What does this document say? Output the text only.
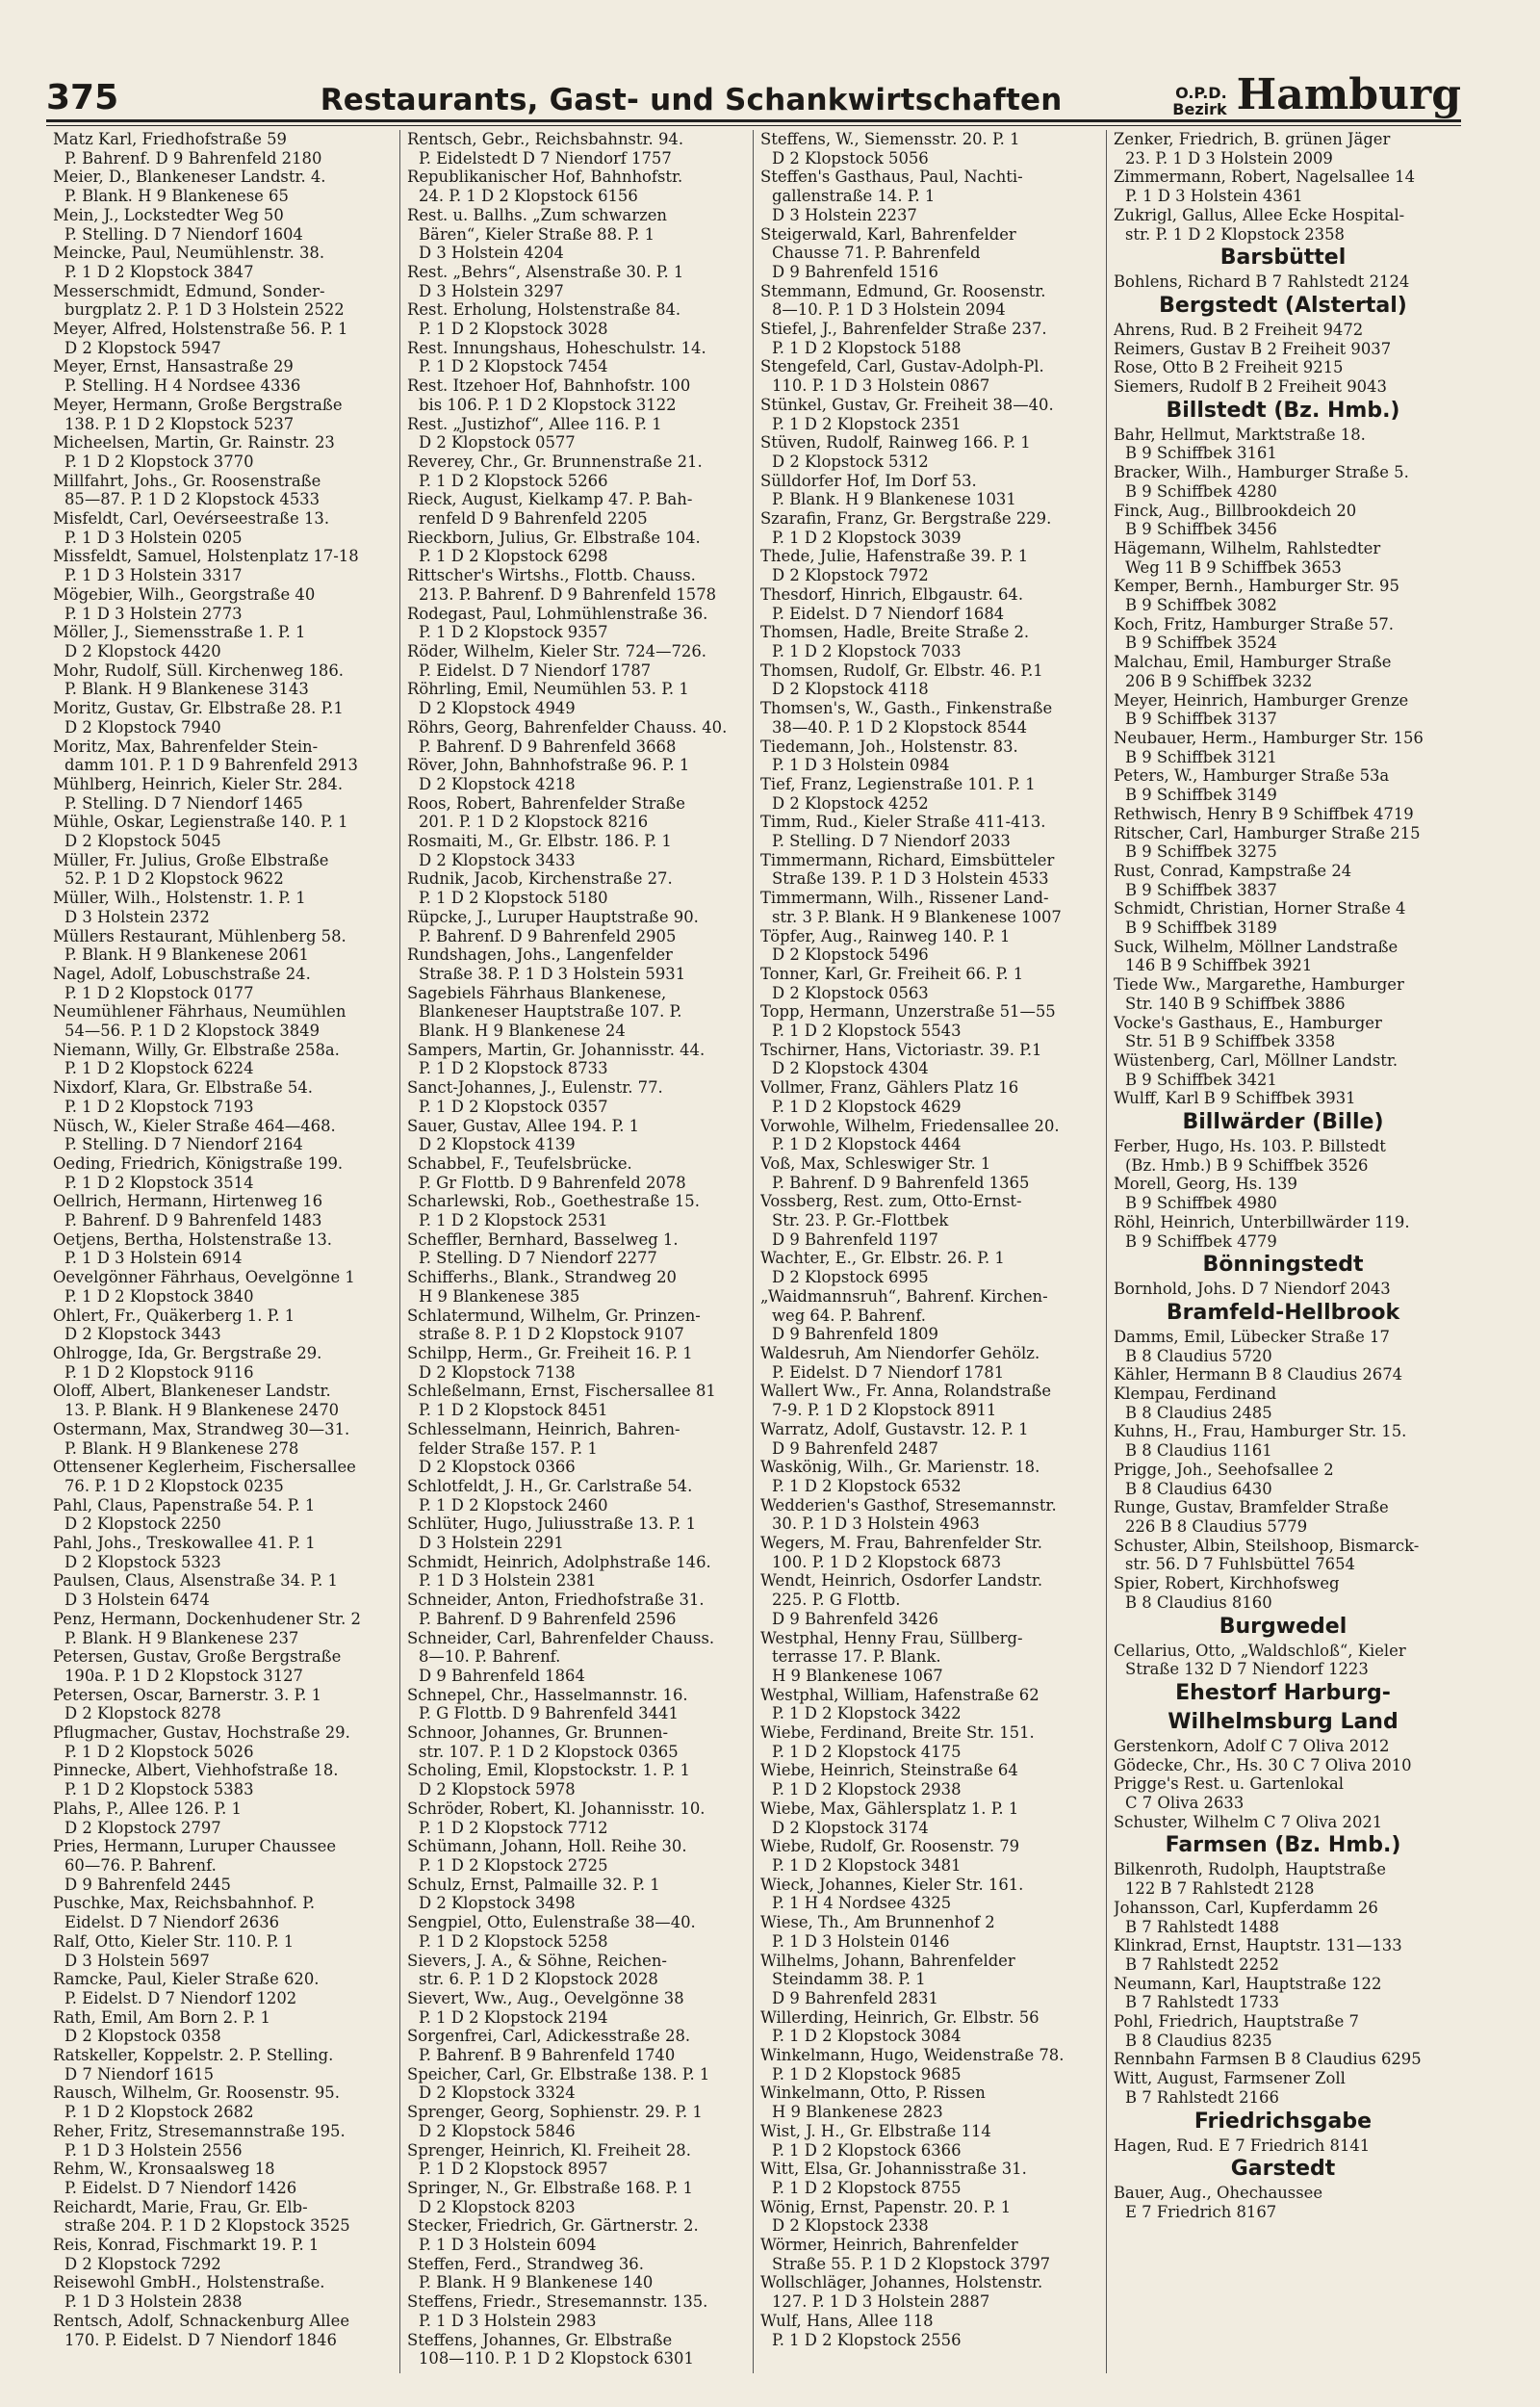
375	Restaurants, Gast- und Schankwirtschaften	O.P.D.
Bezirk Hamburg
Matz Karl, Friedhofstraße 59
P. Bahrenf. D 9 Bahrenfeld 2180
Meier, D., Blankeneser Landstr. 4.
P. Blank. H 9 Blankenese 65
Mein, J., Lockstedter Weg 50
P. Stelling. D 7 Niendorf 1604
Meincke, Paul, Neumühlenstr. 38.
P. 1 D 2 Klopstock 3847
Messerschmidt, Edmund, Sonder-
burgplatz 2. P. 1 D 3 Holstein 2522
Meyer, Alfred, Holstenstraße 56. P. 1
D 2 Klopstock 5947
Meyer, Ernst, Hansastraße 29
P. Stelling. H 4 Nordsee 4336
Meyer, Hermann, Große Bergstraße
138. P. 1 D 2 Klopstock 5237
Micheelsen, Martin, Gr. Rainstr. 23
P. 1 D 2 Klopstock 3770
Millfahrt, Johs., Gr. Roosenstraße
85—87. P. 1 D 2 Klopstock 4533
Misfeldt, Carl, Oevérseestraße 13.
P. 1 D 3 Holstein 0205
Missfeldt, Samuel, Holstenplatz 17-18
P. 1 D 3 Holstein 3317
Mögebier, Wilh., Georgstraße 40
P. 1 D 3 Holstein 2773
Möller, J., Siemensstraße 1. P. 1
D 2 Klopstock 4420
Mohr, Rudolf, Süll. Kirchenweg 186.
P. Blank. H 9 Blankenese 3143
Moritz, Gustav, Gr. Elbstraße 28. P.1
D 2 Klopstock 7940
Moritz, Max, Bahrenfelder Stein-
damm 101. P. 1 D 9 Bahrenfeld 2913
Mühlberg, Heinrich, Kieler Str. 284.
P. Stelling. D 7 Niendorf 1465
Mühle, Oskar, Legienstraße 140. P. 1
D 2 Klopstock 5045
Müller, Fr. Julius, Große Elbstraße
52. P. 1 D 2 Klopstock 9622
Müller, Wilh., Holstenstr. 1. P. 1
D 3 Holstein 2372
Müllers Restaurant, Mühlenberg 58.
P. Blank. H 9 Blankenese 2061
Nagel, Adolf, Lobuschstraße 24.
P. 1 D 2 Klopstock 0177
Neumühlener Fährhaus, Neumühlen
54—56. P. 1 D 2 Klopstock 3849
Niemann, Willy, Gr. Elbstraße 258a.
P. 1 D 2 Klopstock 6224
Nixdorf, Klara, Gr. Elbstraße 54.
P. 1 D 2 Klopstock 7193
Nüsch, W., Kieler Straße 464—468.
P. Stelling. D 7 Niendorf 2164
Oeding, Friedrich, Königstraße 199.
P. 1 D 2 Klopstock 3514
Oellrich, Hermann, Hirtenweg 16
P. Bahrenf. D 9 Bahrenfeld 1483
Oetjens, Bertha, Holstenstraße 13.
P. 1 D 3 Holstein 6914
Oevelgönner Fährhaus, Oevelgönne 1
P. 1 D 2 Klopstock 3840
Ohlert, Fr., Quäkerberg 1. P. 1
D 2 Klopstock 3443
Ohlrogge, Ida, Gr. Bergstraße 29.
P. 1 D 2 Klopstock 9116
Oloff, Albert, Blankeneser Landstr.
13. P. Blank. H 9 Blankenese 2470
Ostermann, Max, Strandweg 30—31.
P. Blank. H 9 Blankenese 278
Ottensener Keglerheim, Fischersallee
76. P. 1 D 2 Klopstock 0235
Pahl, Claus, Papenstraße 54. P. 1
D 2 Klopstock 2250
Pahl, Johs., Treskowallee 41. P. 1
D 2 Klopstock 5323
Paulsen, Claus, Alsenstraße 34. P. 1
D 3 Holstein 6474
Penz, Hermann, Dockenhudener Str. 2
P. Blank. H 9 Blankenese 237
Petersen, Gustav, Große Bergstraße
190a. P. 1 D 2 Klopstock 3127
Petersen, Oscar, Barnerstr. 3. P. 1
D 2 Klopstock 8278
Pflugmacher, Gustav, Hochstraße 29.
P. 1 D 2 Klopstock 5026
Pinnecke, Albert, Viehhofstraße 18.
P. 1 D 2 Klopstock 5383
Plahs, P., Allee 126. P. 1
D 2 Klopstock 2797
Pries, Hermann, Luruper Chaussee
60—76. P. Bahrenf.
D 9 Bahrenfeld 2445
Puschke, Max, Reichsbahnhof. P.
Eidelst. D 7 Niendorf 2636
Ralf, Otto, Kieler Str. 110. P. 1
D 3 Holstein 5697
Ramcke, Paul, Kieler Straße 620.
P. Eidelst. D 7 Niendorf 1202
Rath, Emil, Am Born 2. P. 1
D 2 Klopstock 0358
Ratskeller, Koppelstr. 2. P. Stelling.
D 7 Niendorf 1615
Rausch, Wilhelm, Gr. Roosenstr. 95.
P. 1 D 2 Klopstock 2682
Reher, Fritz, Stresemannstraße 195.
P. 1 D 3 Holstein 2556
Rehm, W., Kronsaalsweg 18
P. Eidelst. D 7 Niendorf 1426
Reichardt, Marie, Frau, Gr. Elb-
straße 204. P. 1 D 2 Klopstock 3525
Reis, Konrad, Fischmarkt 19. P. 1
D 2 Klopstock 7292
Reisewohl GmbH., Holstenstraße.
P. 1 D 3 Holstein 2838
Rentsch, Adolf, Schnackenburg Allee
170. P. Eidelst. D 7 Niendorf 1846
Rentsch, Gebr., Reichsbahnstr. 94.
P. Eidelstedt D 7 Niendorf 1757
Republikanischer Hof, Bahnhofstr.
24. P. 1 D 2 Klopstock 6156
Rest. u. Ballhs. „Zum schwarzen
Bären“, Kieler Straße 88. P. 1
D 3 Holstein 4204
Rest. „Behrs“, Alsenstraße 30. P. 1
D 3 Holstein 3297
Rest. Erholung, Holstenstraße 84.
P. 1 D 2 Klopstock 3028
Rest. Innungshaus, Hoheschulstr. 14.
P. 1 D 2 Klopstock 7454
Rest. Itzehoer Hof, Bahnhofstr. 100
bis 106. P. 1 D 2 Klopstock 3122
Rest. „Justizhof“, Allee 116. P. 1
D 2 Klopstock 0577
Reverey, Chr., Gr. Brunnenstraße 21.
P. 1 D 2 Klopstock 5266
Rieck, August, Kielkamp 47. P. Bah-
renfeld D 9 Bahrenfeld 2205
Rieckborn, Julius, Gr. Elbstraße 104.
P. 1 D 2 Klopstock 6298
Rittscher's Wirtshs., Flottb. Chauss.
213. P. Bahrenf. D 9 Bahrenfeld 1578
Rodegast, Paul, Lohmühlenstraße 36.
P. 1 D 2 Klopstock 9357
Röder, Wilhelm, Kieler Str. 724—726.
P. Eidelst. D 7 Niendorf 1787
Röhrling, Emil, Neumühlen 53. P. 1
D 2 Klopstock 4949
Röhrs, Georg, Bahrenfelder Chauss. 40.
P. Bahrenf. D 9 Bahrenfeld 3668
Röver, John, Bahnhofstraße 96. P. 1
D 2 Klopstock 4218
Roos, Robert, Bahrenfelder Straße
201. P. 1 D 2 Klopstock 8216
Rosmaiti, M., Gr. Elbstr. 186. P. 1
D 2 Klopstock 3433
Rudnik, Jacob, Kirchenstraße 27.
P. 1 D 2 Klopstock 5180
Rüpcke, J., Luruper Hauptstraße 90.
P. Bahrenf. D 9 Bahrenfeld 2905
Rundshagen, Johs., Langenfelder
Straße 38. P. 1 D 3 Holstein 5931
Sagebiels Fährhaus Blankenese,
Blankeneser Hauptstraße 107. P.
Blank. H 9 Blankenese 24
Sampers, Martin, Gr. Johannisstr. 44.
P. 1 D 2 Klopstock 8733
Sanct-Johannes, J., Eulenstr. 77.
P. 1 D 2 Klopstock 0357
Sauer, Gustav, Allee 194. P. 1
D 2 Klopstock 4139
Schabbel, F., Teufelsbrücke.
P. Gr Flottb. D 9 Bahrenfeld 2078
Scharlewski, Rob., Goethestraße 15.
P. 1 D 2 Klopstock 2531
Scheffler, Bernhard, Basselweg 1.
P. Stelling. D 7 Niendorf 2277
Schifferhs., Blank., Strandweg 20
H 9 Blankenese 385
Schlatermund, Wilhelm, Gr. Prinzen-
straße 8. P. 1 D 2 Klopstock 9107
Schilpp, Herm., Gr. Freiheit 16. P. 1
D 2 Klopstock 7138
Schleßelmann, Ernst, Fischersallee 81
P. 1 D 2 Klopstock 8451
Schlesselmann, Heinrich, Bahren-
felder Straße 157. P. 1
D 2 Klopstock 0366
Schlotfeldt, J. H., Gr. Carlstraße 54.
P. 1 D 2 Klopstock 2460
Schlüter, Hugo, Juliusstraße 13. P. 1
D 3 Holstein 2291
Schmidt, Heinrich, Adolphstraße 146.
P. 1 D 3 Holstein 2381
Schneider, Anton, Friedhofstraße 31.
P. Bahrenf. D 9 Bahrenfeld 2596
Schneider, Carl, Bahrenfelder Chauss.
8—10. P. Bahrenf.
D 9 Bahrenfeld 1864
Schnepel, Chr., Hasselmannstr. 16.
P. G Flottb. D 9 Bahrenfeld 3441
Schnoor, Johannes, Gr. Brunnen-
str. 107. P. 1 D 2 Klopstock 0365
Scholing, Emil, Klopstockstr. 1. P. 1
D 2 Klopstock 5978
Schröder, Robert, Kl. Johannisstr. 10.
P. 1 D 2 Klopstock 7712
Schümann, Johann, Holl. Reihe 30.
P. 1 D 2 Klopstock 2725
Schulz, Ernst, Palmaille 32. P. 1
D 2 Klopstock 3498
Sengpiel, Otto, Eulenstraße 38—40.
P. 1 D 2 Klopstock 5258
Sievers, J. A., & Söhne, Reichen-
str. 6. P. 1 D 2 Klopstock 2028
Sievert, Ww., Aug., Oevelgönne 38
P. 1 D 2 Klopstock 2194
Sorgenfrei, Carl, Adickesstraße 28.
P. Bahrenf. B 9 Bahrenfeld 1740
Speicher, Carl, Gr. Elbstraße 138. P. 1
D 2 Klopstock 3324
Sprenger, Georg, Sophienstr. 29. P. 1
D 2 Klopstock 5846
Sprenger, Heinrich, Kl. Freiheit 28.
P. 1 D 2 Klopstock 8957
Springer, N., Gr. Elbstraße 168. P. 1
D 2 Klopstock 8203
Stecker, Friedrich, Gr. Gärtnerstr. 2.
P. 1 D 3 Holstein 6094
Steffen, Ferd., Strandweg 36.
P. Blank. H 9 Blankenese 140
Steffens, Friedr., Stresemannstr. 135.
P. 1 D 3 Holstein 2983
Steffens, Johannes, Gr. Elbstraße
108—110. P. 1 D 2 Klopstock 6301
Steffens, W., Siemensstr. 20. P. 1
D 2 Klopstock 5056
Steffen's Gasthaus, Paul, Nachti-
gallenstraße 14. P. 1
D 3 Holstein 2237
Steigerwald, Karl, Bahrenfelder
Chausse 71. P. Bahrenfeld
D 9 Bahrenfeld 1516
Stemmann, Edmund, Gr. Roosenstr.
8—10. P. 1 D 3 Holstein 2094
Stiefel, J., Bahrenfelder Straße 237.
P. 1 D 2 Klopstock 5188
Stengefeld, Carl, Gustav-Adolph-Pl.
110. P. 1 D 3 Holstein 0867
Stünkel, Gustav, Gr. Freiheit 38—40.
P. 1 D 2 Klopstock 2351
Stüven, Rudolf, Rainweg 166. P. 1
D 2 Klopstock 5312
Sülldorfer Hof, Im Dorf 53.
P. Blank. H 9 Blankenese 1031
Szarafin, Franz, Gr. Bergstraße 229.
P. 1 D 2 Klopstock 3039
Thede, Julie, Hafenstraße 39. P. 1
D 2 Klopstock 7972
Thesdorf, Hinrich, Elbgaustr. 64.
P. Eidelst. D 7 Niendorf 1684
Thomsen, Hadle, Breite Straße 2.
P. 1 D 2 Klopstock 7033
Thomsen, Rudolf, Gr. Elbstr. 46. P.1
D 2 Klopstock 4118
Thomsen's, W., Gasth., Finkenstraße
38—40. P. 1 D 2 Klopstock 8544
Tiedemann, Joh., Holstenstr. 83.
P. 1 D 3 Holstein 0984
Tief, Franz, Legienstraße 101. P. 1
D 2 Klopstock 4252
Timm, Rud., Kieler Straße 411-413.
P. Stelling. D 7 Niendorf 2033
Timmermann, Richard, Eimsbütteler
Straße 139. P. 1 D 3 Holstein 4533
Timmermann, Wilh., Rissener Land-
str. 3 P. Blank. H 9 Blankenese 1007
Töpfer, Aug., Rainweg 140. P. 1
D 2 Klopstock 5496
Tonner, Karl, Gr. Freiheit 66. P. 1
D 2 Klopstock 0563
Topp, Hermann, Unzerstraße 51—55
P. 1 D 2 Klopstock 5543
Tschirner, Hans, Victoriastr. 39. P.1
D 2 Klopstock 4304
Vollmer, Franz, Gählers Platz 16
P. 1 D 2 Klopstock 4629
Vorwohle, Wilhelm, Friedensallee 20.
P. 1 D 2 Klopstock 4464
Voß, Max, Schleswiger Str. 1
P. Bahrenf. D 9 Bahrenfeld 1365
Vossberg, Rest. zum, Otto-Ernst-
Str. 23. P. Gr.-Flottbek
D 9 Bahrenfeld 1197
Wachter, E., Gr. Elbstr. 26. P. 1
D 2 Klopstock 6995
„Waidmannsruh“, Bahrenf. Kirchen-
weg 64. P. Bahrenf.
D 9 Bahrenfeld 1809
Waldesruh, Am Niendorfer Gehölz.
P. Eidelst. D 7 Niendorf 1781
Wallert Ww., Fr. Anna, Rolandstraße
7-9. P. 1 D 2 Klopstock 8911
Warratz, Adolf, Gustavstr. 12. P. 1
D 9 Bahrenfeld 2487
Waskönig, Wilh., Gr. Marienstr. 18.
P. 1 D 2 Klopstock 6532
Wedderien's Gasthof, Stresemannstr.
30. P. 1 D 3 Holstein 4963
Wegers, M. Frau, Bahrenfelder Str.
100. P. 1 D 2 Klopstock 6873
Wendt, Heinrich, Osdorfer Landstr.
225. P. G Flottb.
D 9 Bahrenfeld 3426
Westphal, Henny Frau, Süllberg-
terrasse 17. P. Blank.
H 9 Blankenese 1067
Westphal, William, Hafenstraße 62
P. 1 D 2 Klopstock 3422
Wiebe, Ferdinand, Breite Str. 151.
P. 1 D 2 Klopstock 4175
Wiebe, Heinrich, Steinstraße 64
P. 1 D 2 Klopstock 2938
Wiebe, Max, Gählersplatz 1. P. 1
D 2 Klopstock 3174
Wiebe, Rudolf, Gr. Roosenstr. 79
P. 1 D 2 Klopstock 3481
Wieck, Johannes, Kieler Str. 161.
P. 1 H 4 Nordsee 4325
Wiese, Th., Am Brunnenhof 2
P. 1 D 3 Holstein 0146
Wilhelms, Johann, Bahrenfelder
Steindamm 38. P. 1
D 9 Bahrenfeld 2831
Willerding, Heinrich, Gr. Elbstr. 56
P. 1 D 2 Klopstock 3084
Winkelmann, Hugo, Weidenstraße 78.
P. 1 D 2 Klopstock 9685
Winkelmann, Otto, P. Rissen
H 9 Blankenese 2823
Wist, J. H., Gr. Elbstraße 114
P. 1 D 2 Klopstock 6366
Witt, Elsa, Gr. Johannisstraße 31.
P. 1 D 2 Klopstock 8755
Wönig, Ernst, Papenstr. 20. P. 1
D 2 Klopstock 2338
Wörmer, Heinrich, Bahrenfelder
Straße 55. P. 1 D 2 Klopstock 3797
Wollschläger, Johannes, Holstenstr.
127. P. 1 D 3 Holstein 2887
Wulf, Hans, Allee 118
P. 1 D 2 Klopstock 2556
Zenker, Friedrich, B. grünen Jäger
23. P. 1 D 3 Holstein 2009
Zimmermann, Robert, Nagelsallee 14
P. 1 D 3 Holstein 4361
Zukrigl, Gallus, Allee Ecke Hospital-
str. P. 1 D 2 Klopstock 2358
Barsbüttel
Bohlens, Richard B 7 Rahlstedt 2124
Bergstedt (Alstertal)
Ahrens, Rud. B 2 Freiheit 9472
Reimers, Gustav B 2 Freiheit 9037
Rose, Otto B 2 Freiheit 9215
Siemers, Rudolf B 2 Freiheit 9043
Billstedt (Bz. Hmb.)
Bahr, Hellmut, Marktstraße 18.
B 9 Schiffbek 3161
Bracker, Wilh., Hamburger Straße 5.
B 9 Schiffbek 4280
Finck, Aug., Billbrookdeich 20
B 9 Schiffbek 3456
Hägemann, Wilhelm, Rahlstedter
Weg 11 B 9 Schiffbek 3653
Kemper, Bernh., Hamburger Str. 95
B 9 Schiffbek 3082
Koch, Fritz, Hamburger Straße 57.
B 9 Schiffbek 3524
Malchau, Emil, Hamburger Straße
206 B 9 Schiffbek 3232
Meyer, Heinrich, Hamburger Grenze
B 9 Schiffbek 3137
Neubauer, Herm., Hamburger Str. 156
B 9 Schiffbek 3121
Peters, W., Hamburger Straße 53a
B 9 Schiffbek 3149
Rethwisch, Henry B 9 Schiffbek 4719
Ritscher, Carl, Hamburger Straße 215
B 9 Schiffbek 3275
Rust, Conrad, Kampstraße 24
B 9 Schiffbek 3837
Schmidt, Christian, Horner Straße 4
B 9 Schiffbek 3189
Suck, Wilhelm, Möllner Landstraße
146 B 9 Schiffbek 3921
Tiede Ww., Margarethe, Hamburger
Str. 140 B 9 Schiffbek 3886
Vocke's Gasthaus, E., Hamburger
Str. 51 B 9 Schiffbek 3358
Wüstenberg, Carl, Möllner Landstr.
B 9 Schiffbek 3421
Wulff, Karl B 9 Schiffbek 3931
Billwärder (Bille)
Ferber, Hugo, Hs. 103. P. Billstedt
(Bz. Hmb.) B 9 Schiffbek 3526
Morell, Georg, Hs. 139
B 9 Schiffbek 4980
Röhl, Heinrich, Unterbillwärder 119.
B 9 Schiffbek 4779
Bönningstedt
Bornhold, Johs. D 7 Niendorf 2043
Bramfeld-Hellbrook
Damms, Emil, Lübecker Straße 17
B 8 Claudius 5720
Kähler, Hermann B 8 Claudius 2674
Klempau, Ferdinand
B 8 Claudius 2485
Kuhns, H., Frau, Hamburger Str. 15.
B 8 Claudius 1161
Prigge, Joh., Seehofsallee 2
B 8 Claudius 6430
Runge, Gustav, Bramfelder Straße
226 B 8 Claudius 5779
Schuster, Albin, Steilshoop, Bismarck-
str. 56. D 7 Fuhlsbüttel 7654
Spier, Robert, Kirchhofsweg
B 8 Claudius 8160
Burgwedel
Cellarius, Otto, „Waldschloß“, Kieler
Straße 132 D 7 Niendorf 1223
Ehestorf Harburg-
Wilhelmsburg Land
Gerstenkorn, Adolf C 7 Oliva 2012
Gödecke, Chr., Hs. 30 C 7 Oliva 2010
Prigge's Rest. u. Gartenlokal
C 7 Oliva 2633
Schuster, Wilhelm C 7 Oliva 2021
Farmsen (Bz. Hmb.)
Bilkenroth, Rudolph, Hauptstraße
122 B 7 Rahlstedt 2128
Johansson, Carl, Kupferdamm 26
B 7 Rahlstedt 1488
Klinkrad, Ernst, Hauptstr. 131—133
B 7 Rahlstedt 2252
Neumann, Karl, Hauptstraße 122
B 7 Rahlstedt 1733
Pohl, Friedrich, Hauptstraße 7
B 8 Claudius 8235
Rennbahn Farmsen B 8 Claudius 6295
Witt, August, Farmsener Zoll
B 7 Rahlstedt 2166
Friedrichsgabe
Hagen, Rud. E 7 Friedrich 8141
Garstedt
Bauer, Aug., Ohechaussee
E 7 Friedrich 8167
